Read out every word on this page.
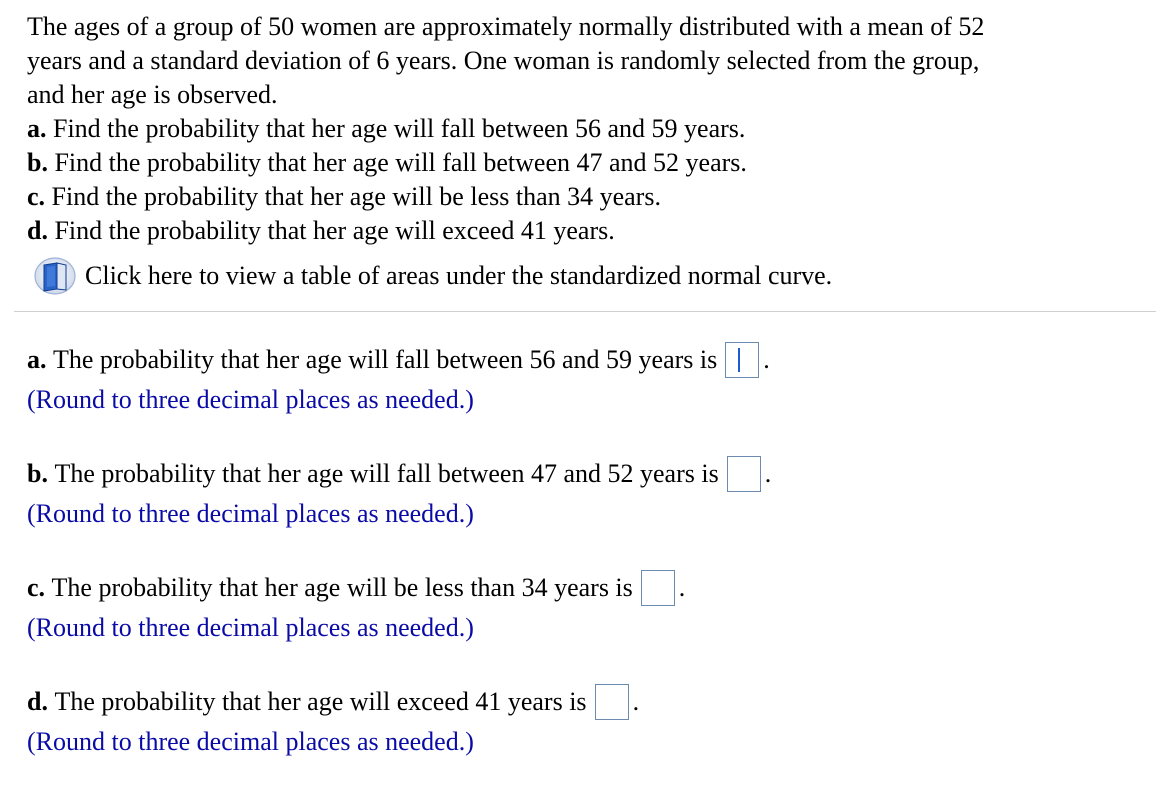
The ages of a group of 50 women are approximately normally distributed with a mean of 52

years and a standard deviation of 6 years. One woman is randomly selected from the group,

and her age is observed.

a. Find the probability that her age will fall between 56 and 59 years.

b. Find the probability that her age will fall between 47 and 52 years.

c. Find the probability that her age will be less than 34 years.

d. Find the probability that her age will exceed 41 years.

Click here to view a table of areas under the standardized normal curve.
a.
The probability that her age will fall between 56 and 59 years is .
(Round to three decimal places as needed.)
b.
The probability that her age will fall between 47 and 52 years is .
(Round to three decimal places as needed.)
c.
The probability that her age will be less than 34 years is .
(Round to three decimal places as needed.)
d.
The probability that her age will exceed 41 years is .
(Round to three decimal places as needed.)
